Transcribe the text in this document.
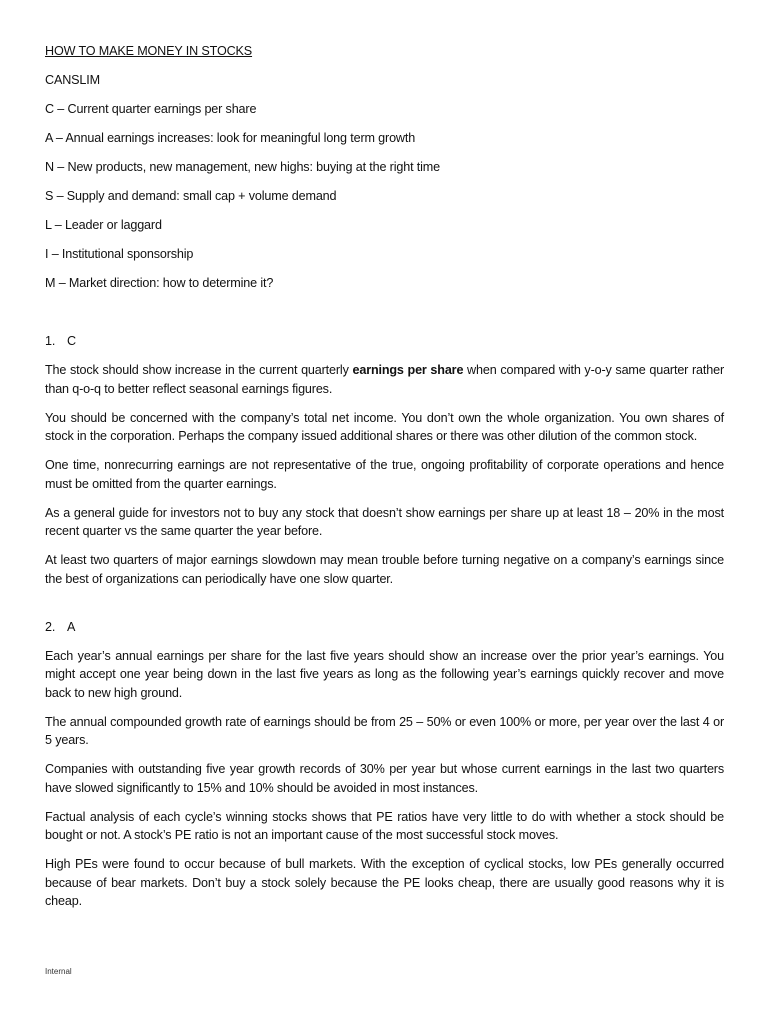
HOW TO MAKE MONEY IN STOCKS
CANSLIM
C – Current quarter earnings per share
A – Annual earnings increases: look for meaningful long term growth
N – New products, new management, new highs: buying at the right time
S – Supply and demand: small cap + volume demand
L – Leader or laggard
I – Institutional sponsorship
M – Market direction: how to determine it?
1. C
The stock should show increase in the current quarterly earnings per share when compared with y-o-y same quarter rather than q-o-q to better reflect seasonal earnings figures.
You should be concerned with the company’s total net income. You don’t own the whole organization. You own shares of stock in the corporation. Perhaps the company issued additional shares or there was other dilution of the common stock.
One time, nonrecurring earnings are not representative of the true, ongoing profitability of corporate operations and hence must be omitted from the quarter earnings.
As a general guide for investors not to buy any stock that doesn’t show earnings per share up at least 18 – 20% in the most recent quarter vs the same quarter the year before.
At least two quarters of major earnings slowdown may mean trouble before turning negative on a company’s earnings since the best of organizations can periodically have one slow quarter.
2. A
Each year’s annual earnings per share for the last five years should show an increase over the prior year’s earnings. You might accept one year being down in the last five years as long as the following year’s earnings quickly recover and move back to new high ground.
The annual compounded growth rate of earnings should be from 25 – 50% or even 100% or more, per year over the last 4 or 5 years.
Companies with outstanding five year growth records of 30% per year but whose current earnings in the last two quarters have slowed significantly to 15% and 10% should be avoided in most instances.
Factual analysis of each cycle’s winning stocks shows that PE ratios have very little to do with whether a stock should be bought or not. A stock’s PE ratio is not an important cause of the most successful stock moves.
High PEs were found to occur because of bull markets. With the exception of cyclical stocks, low PEs generally occurred because of bear markets. Don’t buy a stock solely because the PE looks cheap, there are usually good reasons why it is cheap.
Internal
